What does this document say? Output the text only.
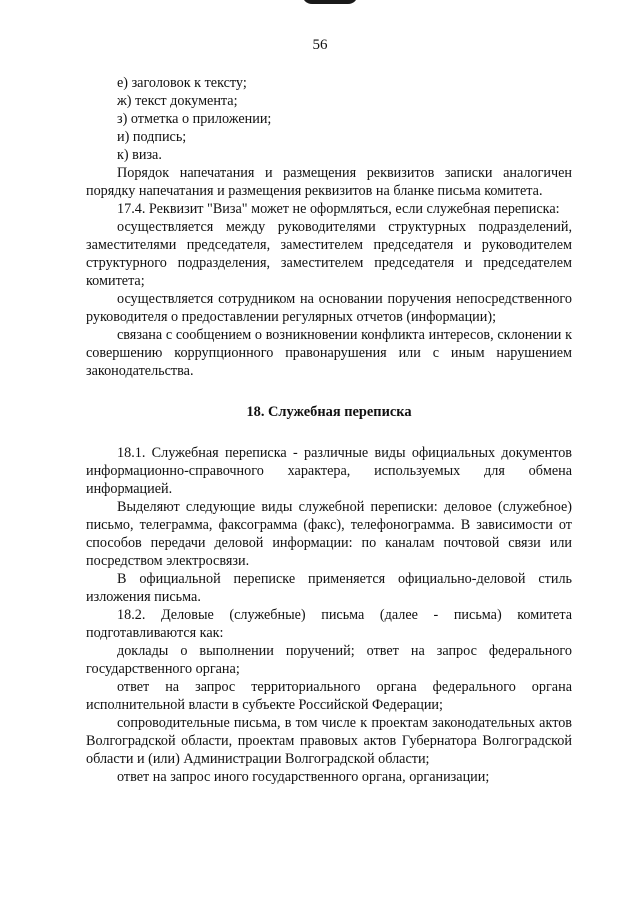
56

е) заголовок к тексту;

ж) текст документа;

з) отметка о приложении;

и) подпись;

к) виза.

Порядок напечатания и размещения реквизитов записки аналогичен порядку напечатания и размещения реквизитов на бланке письма комитета.

17.4. Реквизит "Виза" может не оформляться, если служебная переписка:

осуществляется между руководителями структурных подразделений, заместителями председателя, заместителем председателя и руководителем структурного подразделения, заместителем председателя и председателем комитета;

осуществляется сотрудником на основании поручения непосредственного руководителя о предоставлении регулярных отчетов (информации);

связана с сообщением о возникновении конфликта интересов, склонении к совершению коррупционного правонарушения или с иным нарушением законодательства.

18. Служебная переписка

18.1. Служебная переписка - различные виды официальных документов информационно-справочного характера, используемых для обмена информацией.

Выделяют следующие виды служебной переписки: деловое (служебное) письмо, телеграмма, факсограмма (факс), телефонограмма. В зависимости от способов передачи деловой информации: по каналам почтовой связи или посредством электросвязи.

В официальной переписке применяется официально-деловой стиль изложения письма.

18.2. Деловые (служебные) письма (далее - письма) комитета подготавливаются как:

доклады о выполнении поручений; ответ на запрос федерального государственного органа;

ответ на запрос территориального органа федерального органа исполнительной власти в субъекте Российской Федерации;

сопроводительные письма, в том числе к проектам законодательных актов Волгоградской области, проектам правовых актов Губернатора Волгоградской области и (или) Администрации Волгоградской области;

ответ на запрос иного государственного органа, организации;
